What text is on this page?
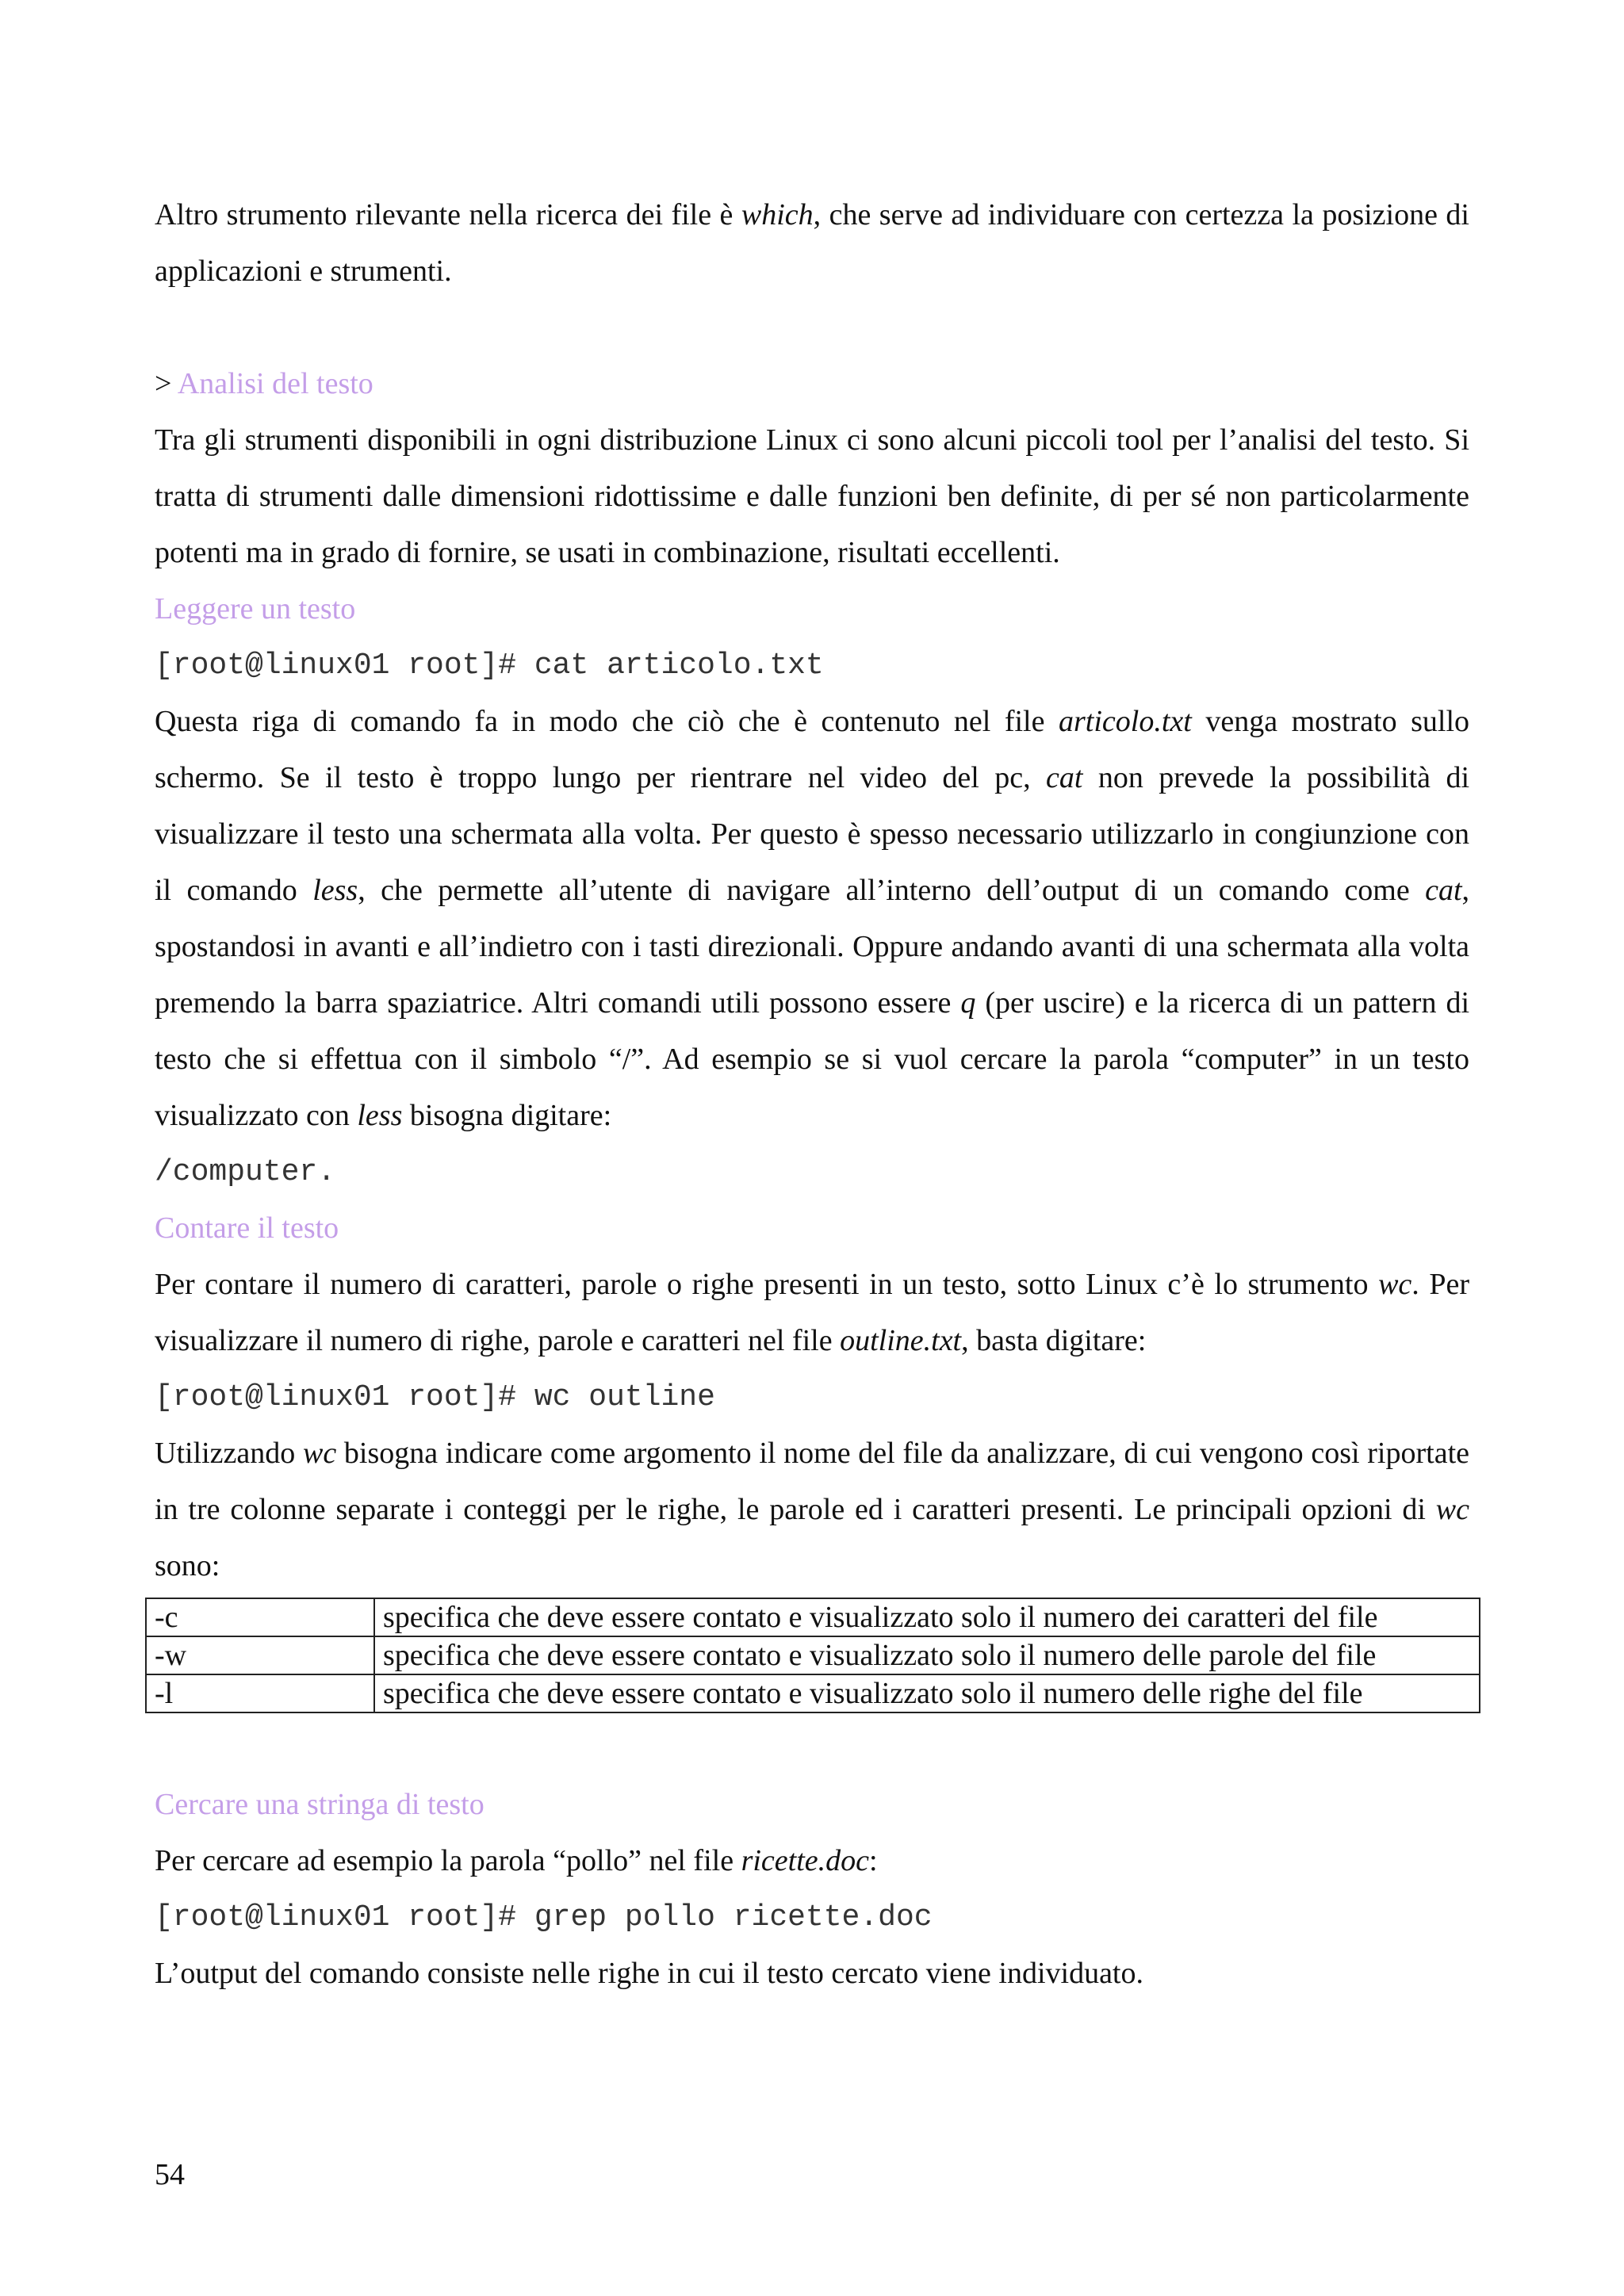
Altro strumento rilevante nella ricerca dei file è which, che serve ad individuare con certezza la posizione di applicazioni e strumenti.

> Analisi del testo

Tra gli strumenti disponibili in ogni distribuzione Linux ci sono alcuni piccoli tool per l’analisi del testo. Si tratta di strumenti dalle dimensioni ridottissime e dalle funzioni ben definite, di per sé non particolarmente potenti ma in grado di fornire, se usati in combinazione, risultati eccellenti.

Leggere un testo

[root@linux01 root]# cat articolo.txt

Questa riga di comando fa in modo che ciò che è contenuto nel file articolo.txt venga mostrato sullo schermo. Se il testo è troppo lungo per rientrare nel video del pc, cat non prevede la possibilità di visualizzare il testo una schermata alla volta. Per questo è spesso necessario utilizzarlo in congiunzione con il comando less, che permette all’utente di navigare all’interno dell’output di un comando come cat, spostandosi in avanti e all’indietro con i tasti direzionali. Oppure andando avanti di una schermata alla volta premendo la barra spaziatrice. Altri comandi utili possono essere q (per uscire) e la ricerca di un pattern di testo che si effettua con il simbolo “/”. Ad esempio se si vuol cercare la parola “computer” in un testo visualizzato con less bisogna digitare:

/computer.

Contare il testo

Per contare il numero di caratteri, parole o righe presenti in un testo, sotto Linux c’è lo strumento wc. Per visualizzare il numero di righe, parole e caratteri nel file outline.txt, basta digitare:

[root@linux01 root]# wc outline

Utilizzando wc bisogna indicare come argomento il nome del file da analizzare, di cui vengono così riportate in tre colonne separate i conteggi per le righe, le parole ed i caratteri presenti. Le principali opzioni di wc sono:

-c	specifica che deve essere contato e visualizzato solo il numero dei caratteri del file
-w	specifica che deve essere contato e visualizzato solo il numero delle parole del file
-l	specifica che deve essere contato e visualizzato solo il numero delle righe del file

Cercare una stringa di testo

Per cercare ad esempio la parola “pollo” nel file ricette.doc:

[root@linux01 root]# grep pollo ricette.doc

L’output del comando consiste nelle righe in cui il testo cercato viene individuato.

54
